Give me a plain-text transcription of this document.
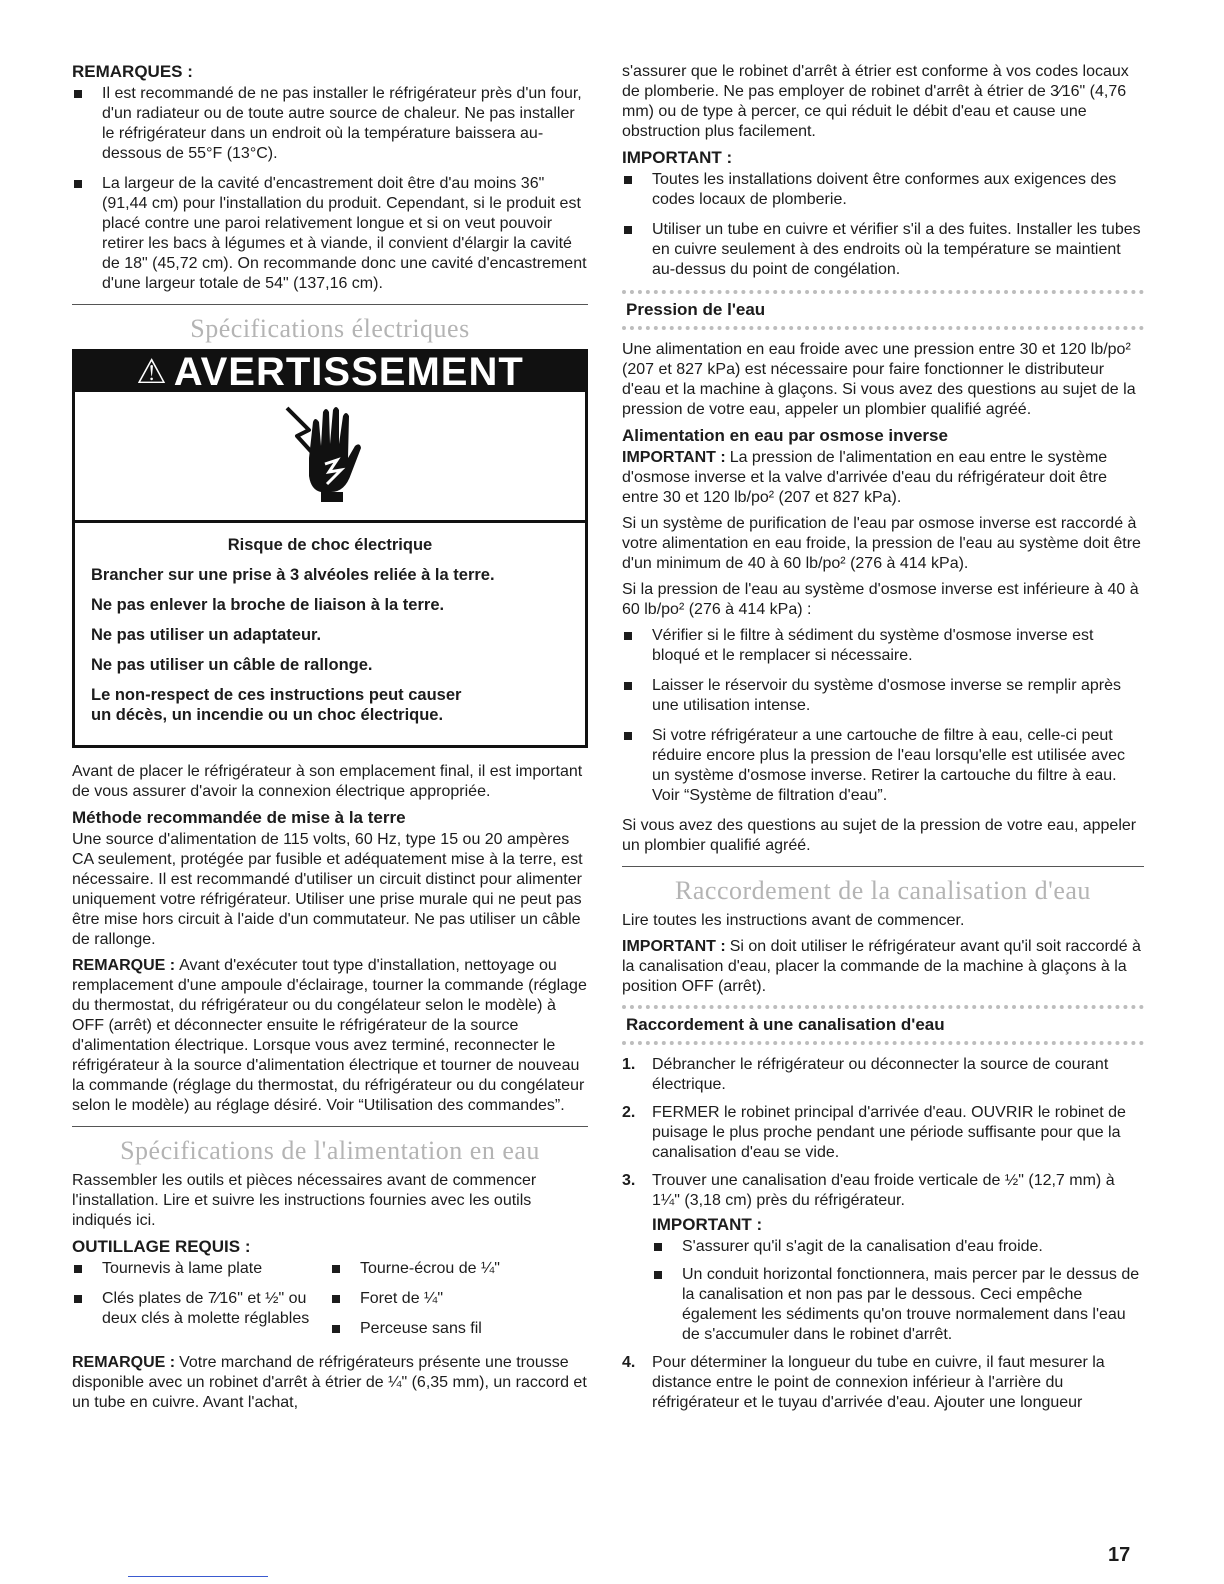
REMARQUES :
Il est recommandé de ne pas installer le réfrigérateur près d'un four, d'un radiateur ou de toute autre source de chaleur. Ne pas installer le réfrigérateur dans un endroit où la température baissera au-dessous de 55°F (13°C).
La largeur de la cavité d'encastrement doit être d'au moins 36" (91,44 cm) pour l'installation du produit. Cependant, si le produit est placé contre une paroi relativement longue et si on veut pouvoir retirer les bacs à légumes et à viande, il convient d'élargir la cavité de 18" (45,72 cm). On recommande donc une cavité d'encastrement d'une largeur totale de 54" (137,16 cm).
Spécifications électriques
⚠ AVERTISSEMENT

Risque de choc électrique

Brancher sur une prise à 3 alvéoles reliée à la terre.

Ne pas enlever la broche de liaison à la terre.

Ne pas utiliser un adaptateur.

Ne pas utiliser un câble de rallonge.

Le non-respect de ces instructions peut causer

un décès, un incendie ou un choc électrique.

Avant de placer le réfrigérateur à son emplacement final, il est important de vous assurer d'avoir la connexion électrique appropriée.

Méthode recommandée de mise à la terre

Une source d'alimentation de 115 volts, 60 Hz, type 15 ou 20 ampères CA seulement, protégée par fusible et adéquatement mise à la terre, est nécessaire. Il est recommandé d'utiliser un circuit distinct pour alimenter uniquement votre réfrigérateur. Utiliser une prise murale qui ne peut pas être mise hors circuit à l'aide d'un commutateur. Ne pas utiliser un câble de rallonge.

REMARQUE : Avant d'exécuter tout type d'installation, nettoyage ou remplacement d'une ampoule d'éclairage, tourner la commande (réglage du thermostat, du réfrigérateur ou du congélateur selon le modèle) à OFF (arrêt) et déconnecter ensuite le réfrigérateur de la source d'alimentation électrique. Lorsque vous avez terminé, reconnecter le réfrigérateur à la source d'alimentation électrique et tourner de nouveau la commande (réglage du thermostat, du réfrigérateur ou du congélateur selon le modèle) au réglage désiré. Voir “Utilisation des commandes”.

Spécifications de l'alimentation en eau

Rassembler les outils et pièces nécessaires avant de commencer l'installation. Lire et suivre les instructions fournies avec les outils indiqués ici.

OUTILLAGE REQUIS :
Tournevis à lame plate
Clés plates de 7⁄16" et ½" ou deux clés à molette réglables
Tourne-écrou de ¼"
Foret de ¼"
Perceuse sans fil

REMARQUE : Votre marchand de réfrigérateurs présente une trousse disponible avec un robinet d'arrêt à étrier de ¼" (6,35 mm), un raccord et un tube en cuivre. Avant l'achat,

s'assurer que le robinet d'arrêt à étrier est conforme à vos codes locaux de plomberie. Ne pas employer de robinet d'arrêt à étrier de 3⁄16" (4,76 mm) ou de type à percer, ce qui réduit le débit d'eau et cause une obstruction plus facilement.

IMPORTANT :
Toutes les installations doivent être conformes aux exigences des codes locaux de plomberie.
Utiliser un tube en cuivre et vérifier s'il a des fuites. Installer les tubes en cuivre seulement à des endroits où la température se maintient au-dessus du point de congélation.
Pression de l'eau

Une alimentation en eau froide avec une pression entre 30 et 120 lb/po² (207 et 827 kPa) est nécessaire pour faire fonctionner le distributeur d'eau et la machine à glaçons. Si vous avez des questions au sujet de la pression de votre eau, appeler un plombier qualifié agréé.

Alimentation en eau par osmose inverse

IMPORTANT : La pression de l'alimentation en eau entre le système d'osmose inverse et la valve d'arrivée d'eau du réfrigérateur doit être entre 30 et 120 lb/po² (207 et 827 kPa).

Si un système de purification de l'eau par osmose inverse est raccordé à votre alimentation en eau froide, la pression de l'eau au système doit être d'un minimum de 40 à 60 lb/po² (276 à 414 kPa).

Si la pression de l'eau au système d'osmose inverse est inférieure à 40 à 60 lb/po² (276 à 414 kPa) :

Vérifier si le filtre à sédiment du système d'osmose inverse est bloqué et le remplacer si nécessaire.
Laisser le réservoir du système d'osmose inverse se remplir après une utilisation intense.
Si votre réfrigérateur a une cartouche de filtre à eau, celle-ci peut réduire encore plus la pression de l'eau lorsqu'elle est utilisée avec un système d'osmose inverse. Retirer la cartouche du filtre à eau. Voir “Système de filtration d'eau”.

Si vous avez des questions au sujet de la pression de votre eau, appeler un plombier qualifié agréé.

Raccordement de la canalisation d'eau

Lire toutes les instructions avant de commencer.

IMPORTANT : Si on doit utiliser le réfrigérateur avant qu'il soit raccordé à la canalisation d'eau, placer la commande de la machine à glaçons à la position OFF (arrêt).

Raccordement à une canalisation d'eau
1. Débrancher le réfrigérateur ou déconnecter la source de courant électrique.
2. FERMER le robinet principal d'arrivée d'eau. OUVRIR le robinet de puisage le plus proche pendant une période suffisante pour que la canalisation d'eau se vide.
3. Trouver une canalisation d'eau froide verticale de ½" (12,7 mm) à 1¼" (3,18 cm) près du réfrigérateur.
IMPORTANT :
S'assurer qu'il s'agit de la canalisation d'eau froide.
Un conduit horizontal fonctionnera, mais percer par le dessus de la canalisation et non pas par le dessous. Ceci empêche également les sédiments qu'on trouve normalement dans l'eau de s'accumuler dans le robinet d'arrêt.
4. Pour déterminer la longueur du tube en cuivre, il faut mesurer la distance entre le point de connexion inférieur à l'arrière du réfrigérateur et le tuyau d'arrivée d'eau. Ajouter une longueur
17
